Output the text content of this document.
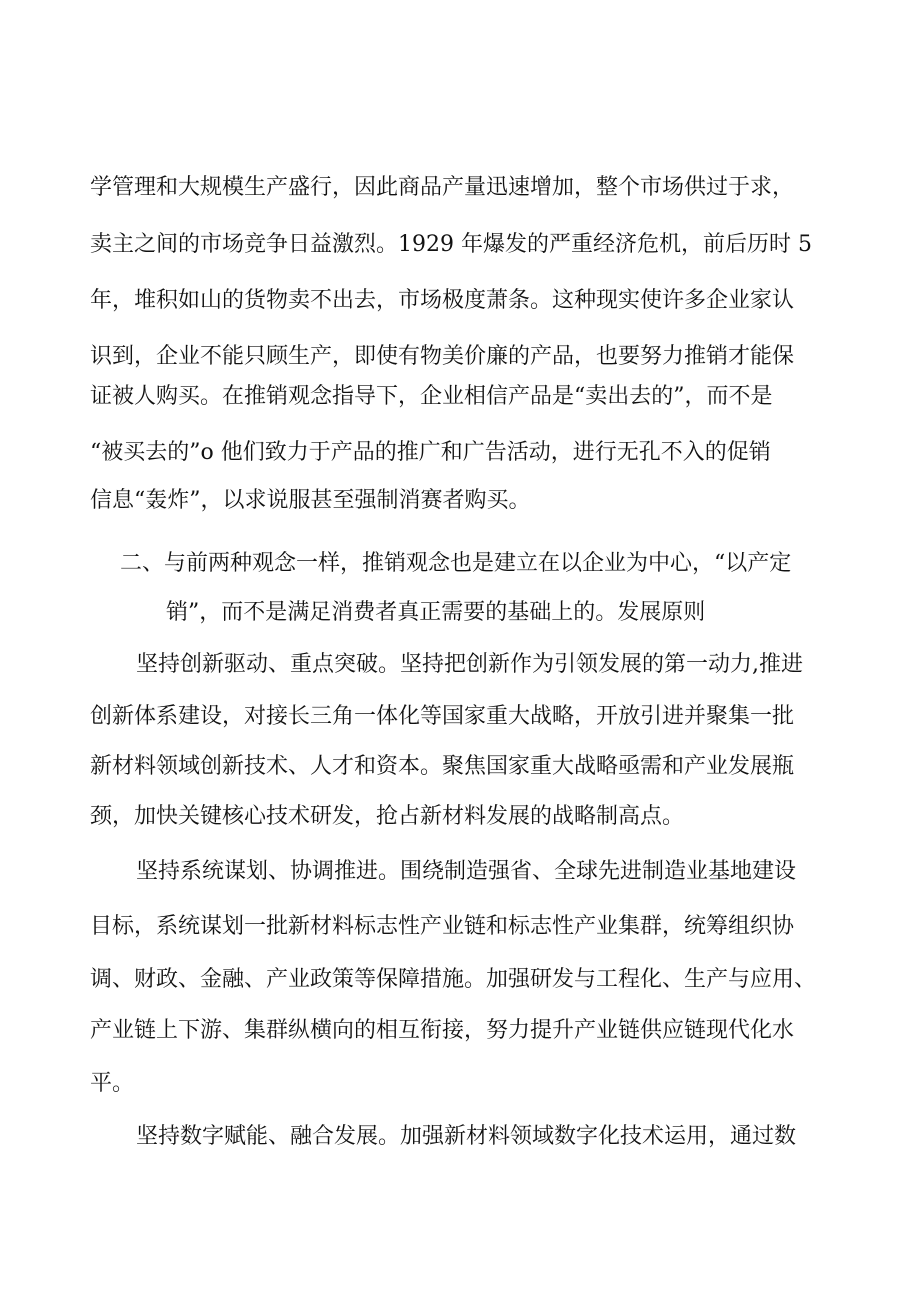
学管理和大规模生产盛行，因此商品产量迅速增加，整个市场供过于求，
卖主之间的市场竞争日益激烈。1929 年爆发的严重经济危机，前后历时 5
年，堆积如山的货物卖不出去，市场极度萧条。这种现实使许多企业家认
识到，企业不能只顾生产，即使有物美价廉的产品，也要努力推销才能保
证被人购买。在推销观念指导下，企业相信产品是“卖出去的”，而不是
“被买去的”o 他们致力于产品的推广和广告活动，进行无孔不入的促销
信息“轰炸”，以求说服甚至强制消赛者购买。
二、与前两种观念一样，推销观念也是建立在以企业为中心，“以产定
销”，而不是满足消费者真正需要的基础上的。发展原则
坚持创新驱动、重点突破。坚持把创新作为引领发展的第一动力,推进
创新体系建设，对接长三角一体化等国家重大战略，开放引进并聚集一批
新材料领域创新技术、人才和资本。聚焦国家重大战略亟需和产业发展瓶
颈，加快关键核心技术研发，抢占新材料发展的战略制高点。
坚持系统谋划、协调推进。围绕制造强省、全球先进制造业基地建设
目标，系统谋划一批新材料标志性产业链和标志性产业集群，统筹组织协
调、财政、金融、产业政策等保障措施。加强研发与工程化、生产与应用、
产业链上下游、集群纵横向的相互衔接，努力提升产业链供应链现代化水
平。
坚持数字赋能、融合发展。加强新材料领域数字化技术运用，通过数
